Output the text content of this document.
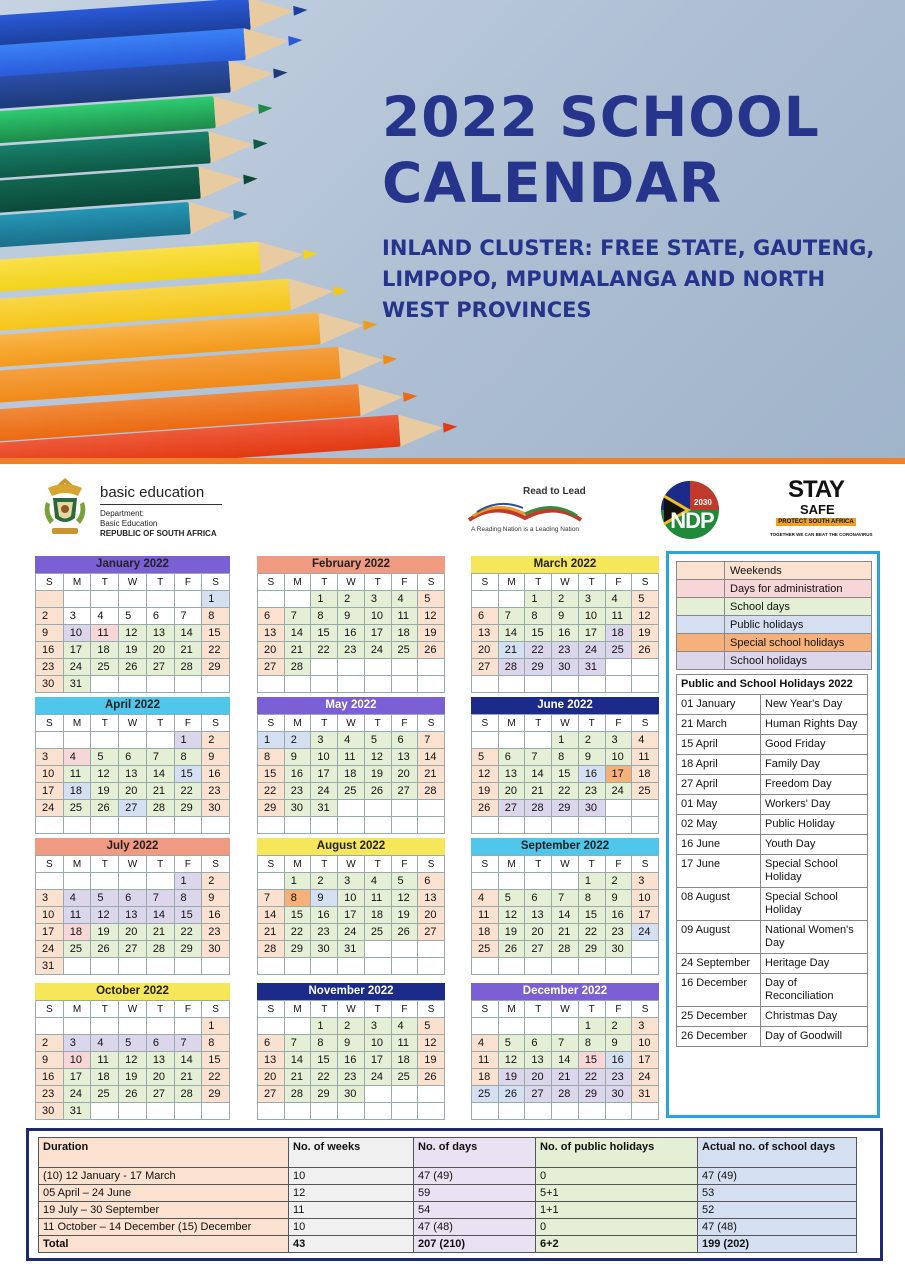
2022 SCHOOL
CALENDAR
INLAND CLUSTER: FREE STATE, GAUTENG, LIMPOPO, MPUMALANGA AND NORTH WEST PROVINCES
basic education
Department:
Basic Education
REPUBLIC OF SOUTH AFRICA
Read to Lead
A Reading Nation is a Leading Nation
2030
NDP
STAY
SAFE
PROTECT SOUTH AFRICA
TOGETHER WE CAN BEAT THE CORONAVIRUS
January 2022
S	M	T	W	T	F	S
						1
2	3	4	5	6	7	8
9	10	11	12	13	14	15
16	17	18	19	20	21	22
23	24	25	26	27	28	29
30	31					
February 2022
S	M	T	W	T	F	S
		1	2	3	4	5
6	7	8	9	10	11	12
13	14	15	16	17	18	19
20	21	22	23	24	25	26
27	28					

March 2022
S	M	T	W	T	F	S
		1	2	3	4	5
6	7	8	9	10	11	12
13	14	15	16	17	18	19
20	21	22	23	24	25	26
27	28	29	30	31		

April 2022
S	M	T	W	T	F	S
					1	2
3	4	5	6	7	8	9
10	11	12	13	14	15	16
17	18	19	20	21	22	23
24	25	26	27	28	29	30

May 2022
S	M	T	W	T	F	S
1	2	3	4	5	6	7
8	9	10	11	12	13	14
15	16	17	18	19	20	21
22	23	24	25	26	27	28
29	30	31				

June 2022
S	M	T	W	T	F	S
			1	2	3	4
5	6	7	8	9	10	11
12	13	14	15	16	17	18
19	20	21	22	23	24	25
26	27	28	29	30		

July 2022
S	M	T	W	T	F	S
					1	2
3	4	5	6	7	8	9
10	11	12	13	14	15	16
17	18	19	20	21	22	23
24	25	26	27	28	29	30
31						
August 2022
S	M	T	W	T	F	S
	1	2	3	4	5	6
7	8	9	10	11	12	13
14	15	16	17	18	19	20
21	22	23	24	25	26	27
28	29	30	31			

September 2022
S	M	T	W	T	F	S
				1	2	3
4	5	6	7	8	9	10
11	12	13	14	15	16	17
18	19	20	21	22	23	24
25	26	27	28	29	30	

October 2022
S	M	T	W	T	F	S
						1
2	3	4	5	6	7	8
9	10	11	12	13	14	15
16	17	18	19	20	21	22
23	24	25	26	27	28	29
30	31					
November 2022
S	M	T	W	T	F	S
		1	2	3	4	5
6	7	8	9	10	11	12
13	14	15	16	17	18	19
20	21	22	23	24	25	26
27	28	29	30			

December 2022
S	M	T	W	T	F	S
				1	2	3
4	5	6	7	8	9	10
11	12	13	14	15	16	17
18	19	20	21	22	23	24
25	26	27	28	29	30	31

	Weekends
	Days for administration
	School days
	Public holidays
	Special school holidays
	School holidays
Public and School Holidays 2022	
01 January	New Year's Day
21 March	Human Rights Day
15 April	Good Friday
18 April	Family Day
27 April	Freedom Day
01 May	Workers' Day
02 May	Public Holiday
16 June	Youth Day
17 June	Special School Holiday
08 August	Special School Holiday
09 August	National Women's Day
24 September	Heritage Day
16 December	Day of Reconciliation
25 December	Christmas Day
26 December	Day of Goodwill
Duration	No. of weeks	No. of days	No. of public holidays	Actual no. of school days
(10) 12 January - 17 March	10	47 (49)	0	47 (49)
05 April – 24 June	12	59	5+1	53
19 July – 30 September	11	54	1+1	52
11 October – 14 December (15) December	10	47 (48)	0	47 (48)
Total	43	207 (210)	6+2	199 (202)
